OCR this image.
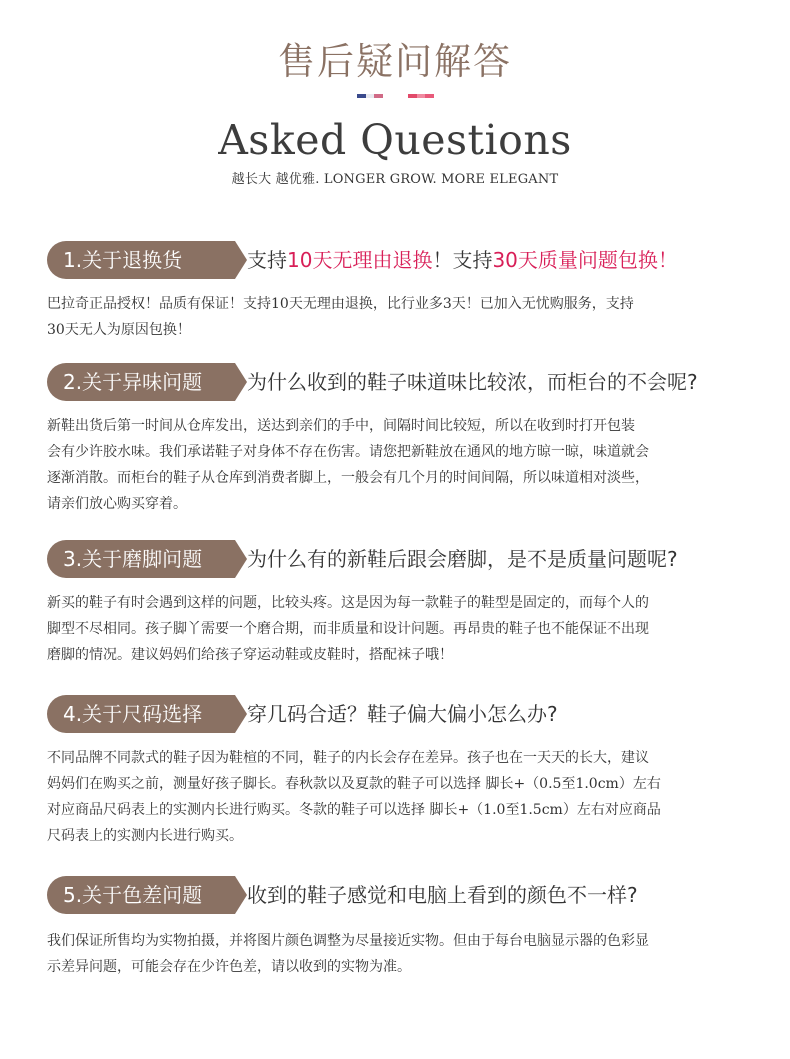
售后疑问解答
Asked Questions
越长大 越优雅. LONGER GROW. MORE ELEGANT
1.关于退换货	支持10天无理由退换！支持30天质量问题包换！
巴拉奇正品授权！品质有保证！支持10天无理由退换，比行业多3天！已加入无忧购服务，支持
30天无人为原因包换！
2.关于异味问题	为什么收到的鞋子味道味比较浓，而柜台的不会呢?
新鞋出货后第一时间从仓库发出，送达到亲们的手中，间隔时间比较短，所以在收到时打开包装
会有少许胶水味。我们承诺鞋子对身体不存在伤害。请您把新鞋放在通风的地方晾一晾，味道就会
逐渐消散。而柜台的鞋子从仓库到消费者脚上，一般会有几个月的时间间隔，所以味道相对淡些，
请亲们放心购买穿着。
3.关于磨脚问题	为什么有的新鞋后跟会磨脚，是不是质量问题呢?
新买的鞋子有时会遇到这样的问题，比较头疼。这是因为每一款鞋子的鞋型是固定的，而每个人的
脚型不尽相同。孩子脚丫需要一个磨合期，而非质量和设计问题。再昂贵的鞋子也不能保证不出现
磨脚的情况。建议妈妈们给孩子穿运动鞋或皮鞋时，搭配袜子哦！
4.关于尺码选择	穿几码合适？鞋子偏大偏小怎么办?
不同品牌不同款式的鞋子因为鞋楦的不同，鞋子的内长会存在差异。孩子也在一天天的长大，建议
妈妈们在购买之前，测量好孩子脚长。春秋款以及夏款的鞋子可以选择 脚长+（0.5至1.0cm）左右
对应商品尺码表上的实测内长进行购买。冬款的鞋子可以选择 脚长+（1.0至1.5cm）左右对应商品
尺码表上的实测内长进行购买。
5.关于色差问题	收到的鞋子感觉和电脑上看到的颜色不一样?
我们保证所售均为实物拍摄，并将图片颜色调整为尽量接近实物。但由于每台电脑显示器的色彩显
示差异问题，可能会存在少许色差，请以收到的实物为准。
